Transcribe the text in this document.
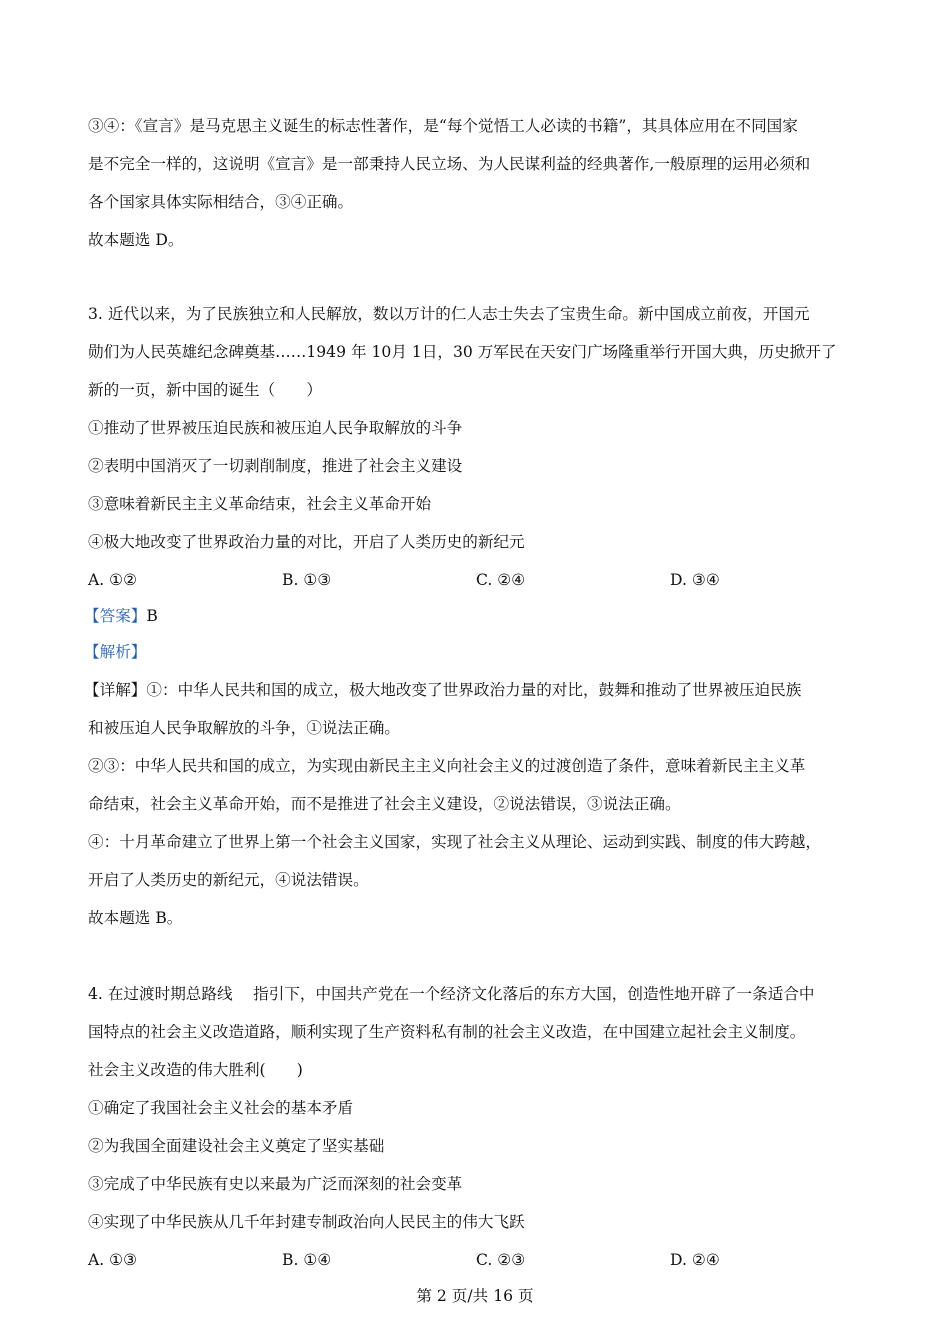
③④：《宣言》是马克思主义诞生的标志性著作，是“每个觉悟工人必读的书籍”，其具体应用在不同国家
是不完全一样的，这说明《宣言》是一部秉持人民立场、为人民谋利益的经典著作,一般原理的运用必须和
各个国家具体实际相结合，③④正确。
故本题选 D。
3. 近代以来，为了民族独立和人民解放，数以万计的仁人志士失去了宝贵生命。新中国成立前夜，开国元
勋们为人民英雄纪念碑奠基……1949 年 10月 1日，30 万军民在天安门广场隆重举行开国大典，历史掀开了
新的一页，新中国的诞生（　　）
①推动了世界被压迫民族和被压迫人民争取解放的斗争
②表明中国消灭了一切剥削制度，推进了社会主义建设
③意味着新民主主义革命结束，社会主义革命开始
④极大地改变了世界政治力量的对比，开启了人类历史的新纪元
A. ①②	B. ①③	C. ②④	D. ③④
【答案】B
【解析】
【详解】①：中华人民共和国的成立，极大地改变了世界政治力量的对比，鼓舞和推动了世界被压迫民族
和被压迫人民争取解放的斗争，①说法正确。
②③：中华人民共和国的成立，为实现由新民主主义向社会主义的过渡创造了条件，意味着新民主主义革
命结束，社会主义革命开始，而不是推进了社会主义建设，②说法错误，③说法正确。
④：十月革命建立了世界上第一个社会主义国家，实现了社会主义从理论、运动到实践、制度的伟大跨越，
开启了人类历史的新纪元，④说法错误。
故本题选 B。
4. 在过渡时期总路线　 指引下，中国共产党在一个经济文化落后的东方大国，创造性地开辟了一条适合中
国特点的社会主义改造道路，顺利实现了生产资料私有制的社会主义改造，在中国建立起社会主义制度。
社会主义改造的伟大胜利(　　)
①确定了我国社会主义社会的基本矛盾
②为我国全面建设社会主义奠定了坚实基础
③完成了中华民族有史以来最为广泛而深刻的社会变革
④实现了中华民族从几千年封建专制政治向人民民主的伟大飞跃
A. ①③	B. ①④	C. ②③	D. ②④
第 2 页/共 16 页
